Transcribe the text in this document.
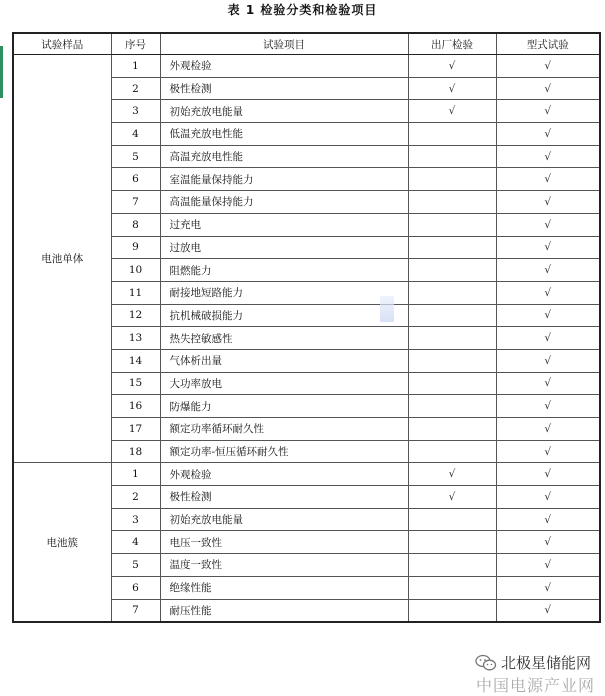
表 1 检验分类和检验项目
试验样品	序号	试验项目	出厂检验	型式试验
电池单体	1	外观检验	√	√
	2	极性检测	√	√
	3	初始充放电能量	√	√
	4	低温充放电性能		√
	5	高温充放电性能		√
	6	室温能量保持能力		√
	7	高温能量保持能力		√
	8	过充电		√
	9	过放电		√
	10	阻燃能力		√
	11	耐接地短路能力		√
	12	抗机械破损能力		√
	13	热失控敏感性		√
	14	气体析出量		√
	15	大功率放电		√
	16	防爆能力		√
	17	额定功率循环耐久性		√
	18	额定功率-恒压循环耐久性		√
电池簇	1	外观检验	√	√
	2	极性检测	√	√
	3	初始充放电能量		√
	4	电压一致性		√
	5	温度一致性		√
	6	绝缘性能		√
	7	耐压性能		√
北极星储能网
中国电源产业网
